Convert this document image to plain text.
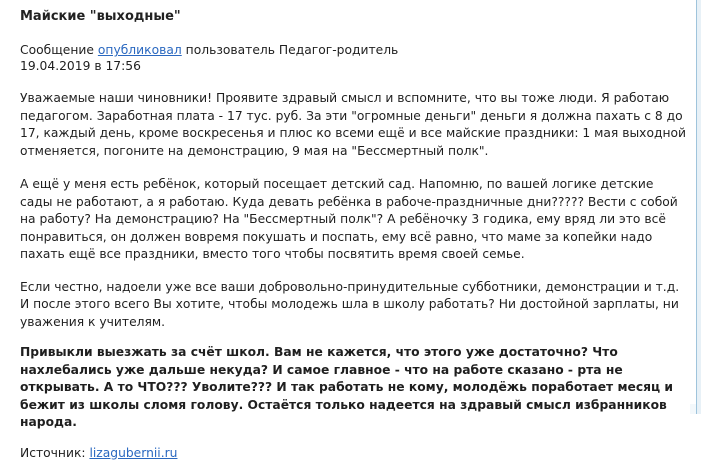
Майские "выходные"
Сообщение опубликовал пользователь Педагог-родитель
19.04.2019 в 17:56

Уважаемые наши чиновники! Проявите здравый смысл и вспомните, что вы тоже люди. Я работаю педагогом. Заработная плата - 17 тус. руб. За эти "огромные деньги" деньги я должна пахать с 8 до 17, каждый день, кроме воскресенья и плюс ко всеми ещё и все майские праздники: 1 мая выходной отменяется, погоните на демонстрацию, 9 мая на "Бессмертный полк".

А ещё у меня есть ребёнок, который посещает детский сад. Напомню, по вашей логике детские сады не работают, а я работаю. Куда девать ребёнка в рабоче-праздничные дни????? Вести с собой на работу? На демонстрацию? На "Бессмертный полк"? А ребёночку 3 годика, ему вряд ли это всё понравиться, он должен вовремя покушать и поспать, ему всё равно, что маме за копейки надо пахать ещё все праздники, вместо того чтобы посвятить время своей семье.

Если честно, надоели уже все ваши добровольно-принудительные субботники, демонстрации и т.д. И после этого всего Вы хотите, чтобы молодежь шла в школу работать? Ни достойной зарплаты, ни уважения к учителям.

Привыкли выезжать за счёт школ. Вам не кажется, что этого уже достаточно? Что нахлебались уже дальше некуда? И самое главное - что на работе сказано - рта не открывать. А то ЧТО??? Уволите??? И так работать не кому, молодёжь поработает месяц и бежит из школы сломя голову. Остаётся только надеется на здравый смысл избранников народа.

Источник: lizagubernii.ru
